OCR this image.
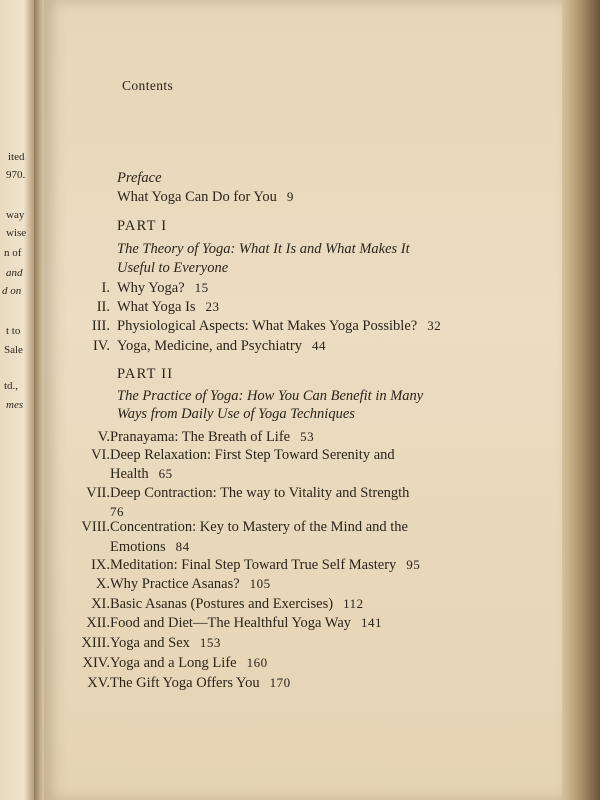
ited
970.
way
wise
n of
and
d on
t to
Sale
td.,
mes
Contents
Preface
What Yoga Can Do for You 9
PART I
The Theory of Yoga: What It Is and What Makes It
Useful to Everyone
I. Why Yoga? 15
II. What Yoga Is 23
III. Physiological Aspects: What Makes Yoga Possible? 32
IV. Yoga, Medicine, and Psychiatry 44
PART II
The Practice of Yoga: How You Can Benefit in Many
Ways from Daily Use of Yoga Techniques
V. Pranayama: The Breath of Life 53
VI. Deep Relaxation: First Step Toward Serenity and
Health 65
VII. Deep Contraction: The way to Vitality and Strength
76
VIII. Concentration: Key to Mastery of the Mind and the
Emotions 84
IX. Meditation: Final Step Toward True Self Mastery 95
X. Why Practice Asanas? 105
XI. Basic Asanas (Postures and Exercises) 112
XII. Food and Diet—The Healthful Yoga Way 141
XIII. Yoga and Sex 153
XIV. Yoga and a Long Life 160
XV. The Gift Yoga Offers You 170
